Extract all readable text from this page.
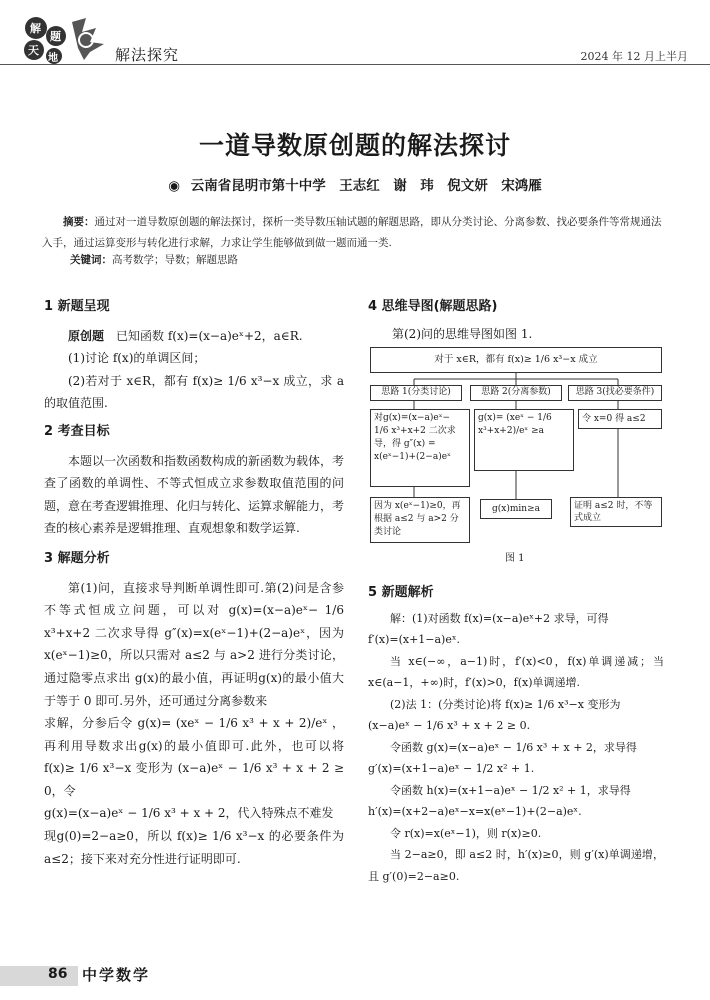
解
题
天
地	解法探究	2024 年 12 月上半月
一道导数原创题的解法探讨
◉ 云南省昆明市第十中学　王志红　谢　玮　倪文妍　宋鸿雁
摘要：通过对一道导数原创题的解法探讨，探析一类导数压轴试题的解题思路，即从分类讨论、分离参数、找必要条件等常规通法入手，通过运算变形与转化进行求解，力求让学生能够做到做一题而通一类.
关键词：高考数学；导数；解题思路

1 新题呈现

原创题　已知函数 f(x)=(x−a)eˣ+2，a∈R.

(1)讨论 f(x)的单调区间；

(2)若对于 x∈R，都有 f(x)≥ 1/6 x³−x 成立，求 a 的取值范围.

2 考查目标

本题以一次函数和指数函数构成的新函数为载体，考查了函数的单调性、不等式恒成立求参数取值范围的问题，意在考查逻辑推理、化归与转化、运算求解能力，考查的核心素养是逻辑推理、直观想象和数学运算.

3 解题分析

第(1)问，直接求导判断单调性即可.第(2)问是含参不等式恒成立问题，可以对 g(x)=(x−a)eˣ− 1/6 x³+x+2 二次求导得 g″(x)=x(eˣ−1)+(2−a)eˣ，因为 x(eˣ−1)≥0，所以只需对 a≤2 与 a>2 进行分类讨论，通过隐零点求出 g(x)的最小值，再证明g(x)的最小值大于等于 0 即可.另外，还可通过分离参数来

求解，分参后令 g(x)= (xeˣ − 1/6 x³ + x + 2)/eˣ ，再利用导数求出g(x)的最小值即可.此外，也可以将 f(x)≥ 1/6 x³−x 变形为 (x−a)eˣ − 1/6 x³ + x + 2 ≥ 0，令

g(x)=(x−a)eˣ − 1/6 x³ + x + 2，代入特殊点不难发

现g(0)=2−a≥0，所以 f(x)≥ 1/6 x³−x 的必要条件为a≤2；接下来对充分性进行证明即可.

4 思维导图(解题思路)

第(2)问的思维导图如图 1.

对于 x∈R，都有 f(x)≥ 1/6 x³−x 成立
思路 1(分类讨论)	思路 2(分离参数)	思路 3(找必要条件)
对g(x)=(x−a)eˣ− 1/6 x³+x+2 二次求导，得 g″(x) = x(eˣ−1)+(2−a)eˣ
g(x)= (xeˣ − 1/6 x³+x+2)/eˣ ≥a
令 x=0 得 a≤2
因为 x(eˣ−1)≥0，再根据 a≤2 与 a>2 分类讨论
g(x)min≥a	证明 a≤2 时，不等式成立
图 1

5 新题解析

解：(1)对函数 f(x)=(x−a)eˣ+2 求导，可得

f′(x)=(x+1−a)eˣ.

当 x∈(−∞，a−1)时，f′(x)<0，f(x)单调递减；当 x∈(a−1，+∞)时，f′(x)>0，f(x)单调递增.

(2)法 1：(分类讨论)将 f(x)≥ 1/6 x³−x 变形为

(x−a)eˣ − 1/6 x³ + x + 2 ≥ 0.

令函数 g(x)=(x−a)eˣ − 1/6 x³ + x + 2，求导得

g′(x)=(x+1−a)eˣ − 1/2 x² + 1.

令函数 h(x)=(x+1−a)eˣ − 1/2 x² + 1，求导得

h′(x)=(x+2−a)eˣ−x=x(eˣ−1)+(2−a)eˣ.

令 r(x)=x(eˣ−1)，则 r(x)≥0.

当 2−a≥0，即 a≤2 时，h′(x)≥0，则 g′(x)单调递增，且 g′(0)=2−a≥0.

86 中学数学
